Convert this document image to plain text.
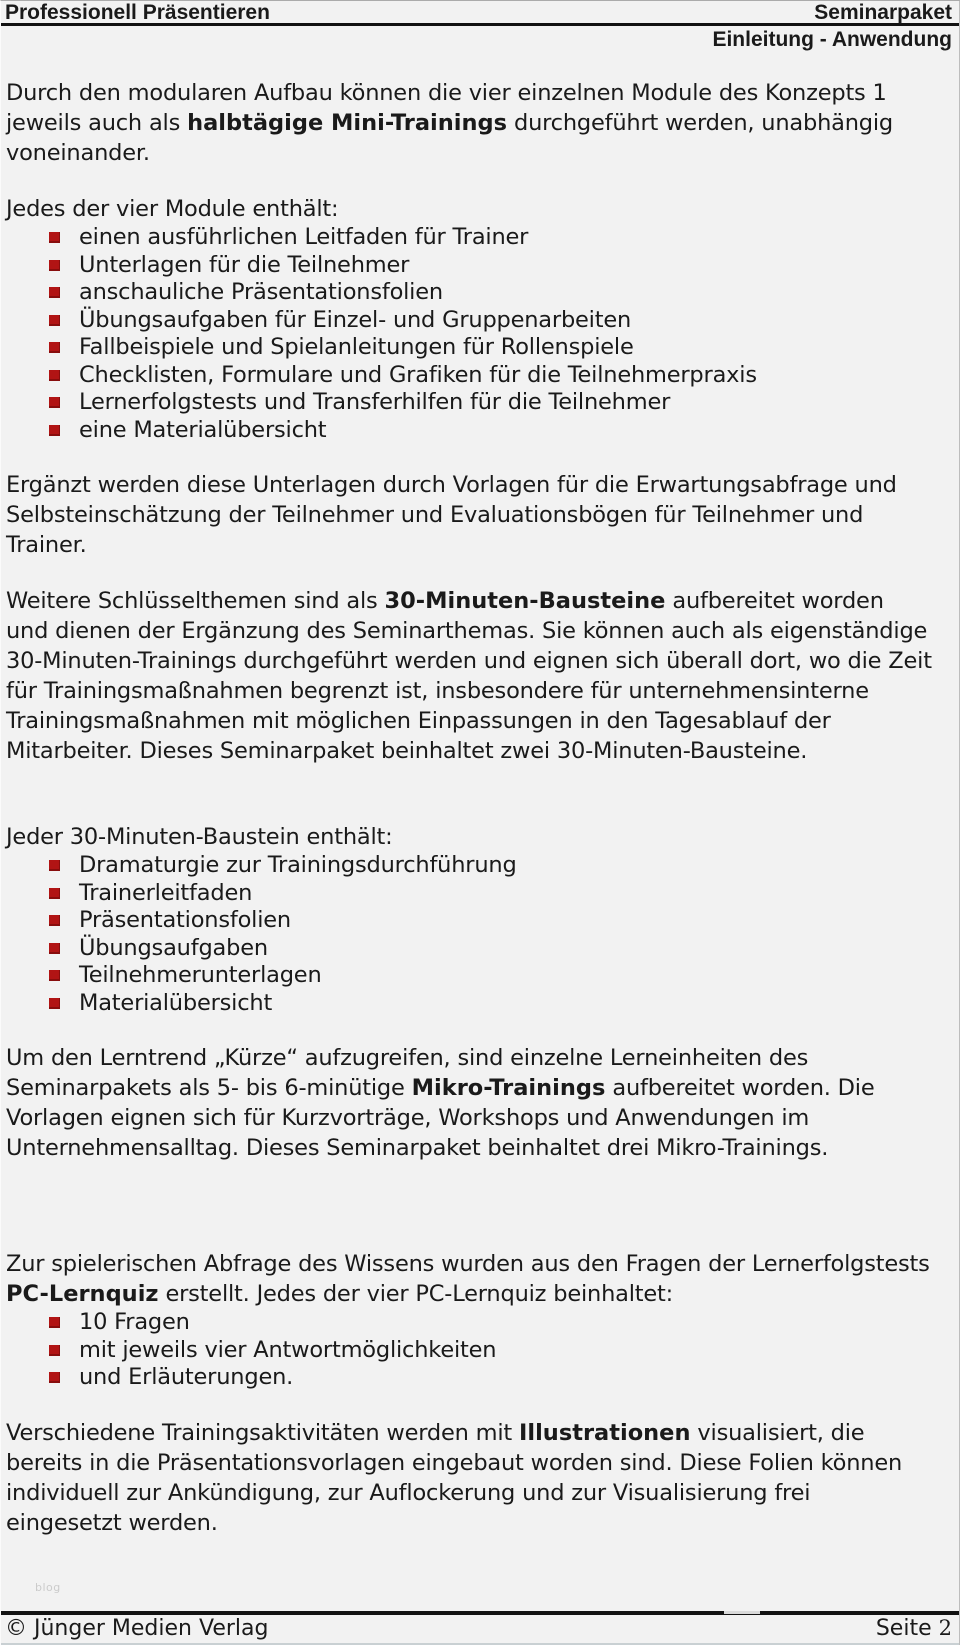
Professionell Präsentieren	Seminarpaket
Einleitung - Anwendung

Durch den modularen Aufbau können die vier einzelnen Module des Konzepts 1 jeweils auch als halbtägige Mini-Trainings durchgeführt werden, unabhängig voneinander.

Jedes der vier Module enthält:

einen ausführlichen Leitfaden für Trainer
Unterlagen für die Teilnehmer
anschauliche Präsentationsfolien
Übungsaufgaben für Einzel- und Gruppenarbeiten
Fallbeispiele und Spielanleitungen für Rollenspiele
Checklisten, Formulare und Grafiken für die Teilnehmerpraxis
Lernerfolgstests und Transferhilfen für die Teilnehmer
eine Materialübersicht

Ergänzt werden diese Unterlagen durch Vorlagen für die Erwartungsabfrage und Selbsteinschätzung der Teilnehmer und Evaluationsbögen für Teilnehmer und Trainer.

Weitere Schlüsselthemen sind als 30-Minuten-Bausteine aufbereitet worden und dienen der Ergänzung des Seminarthemas. Sie können auch als eigenständige 30-Minuten-Trainings durchgeführt werden und eignen sich überall dort, wo die Zeit für Trainingsmaßnahmen begrenzt ist, insbesondere für unternehmensinterne Trainingsmaßnahmen mit möglichen Einpassungen in den Tagesablauf der Mitarbeiter. Dieses Seminarpaket beinhaltet zwei 30-Minuten-Bausteine.

Jeder 30-Minuten-Baustein enthält:

Dramaturgie zur Trainingsdurchführung
Trainerleitfaden
Präsentationsfolien
Übungsaufgaben
Teilnehmerunterlagen
Materialübersicht

Um den Lerntrend „Kürze“ aufzugreifen, sind einzelne Lerneinheiten des Seminarpakets als 5- bis 6-minütige Mikro-Trainings aufbereitet worden. Die Vorlagen eignen sich für Kurzvorträge, Workshops und Anwendungen im Unternehmensalltag. Dieses Seminarpaket beinhaltet drei Mikro-Trainings.

Zur spielerischen Abfrage des Wissens wurden aus den Fragen der Lernerfolgstests PC-Lernquiz erstellt. Jedes der vier PC-Lernquiz beinhaltet:

10 Fragen
mit jeweils vier Antwortmöglichkeiten
und Erläuterungen.

Verschiedene Trainingsaktivitäten werden mit Illustrationen visualisiert, die bereits in die Präsentationsvorlagen eingebaut worden sind. Diese Folien können individuell zur Ankündigung, zur Auflockerung und zur Visualisierung frei eingesetzt werden.

blog
© Jünger Medien Verlag	Seite 2
